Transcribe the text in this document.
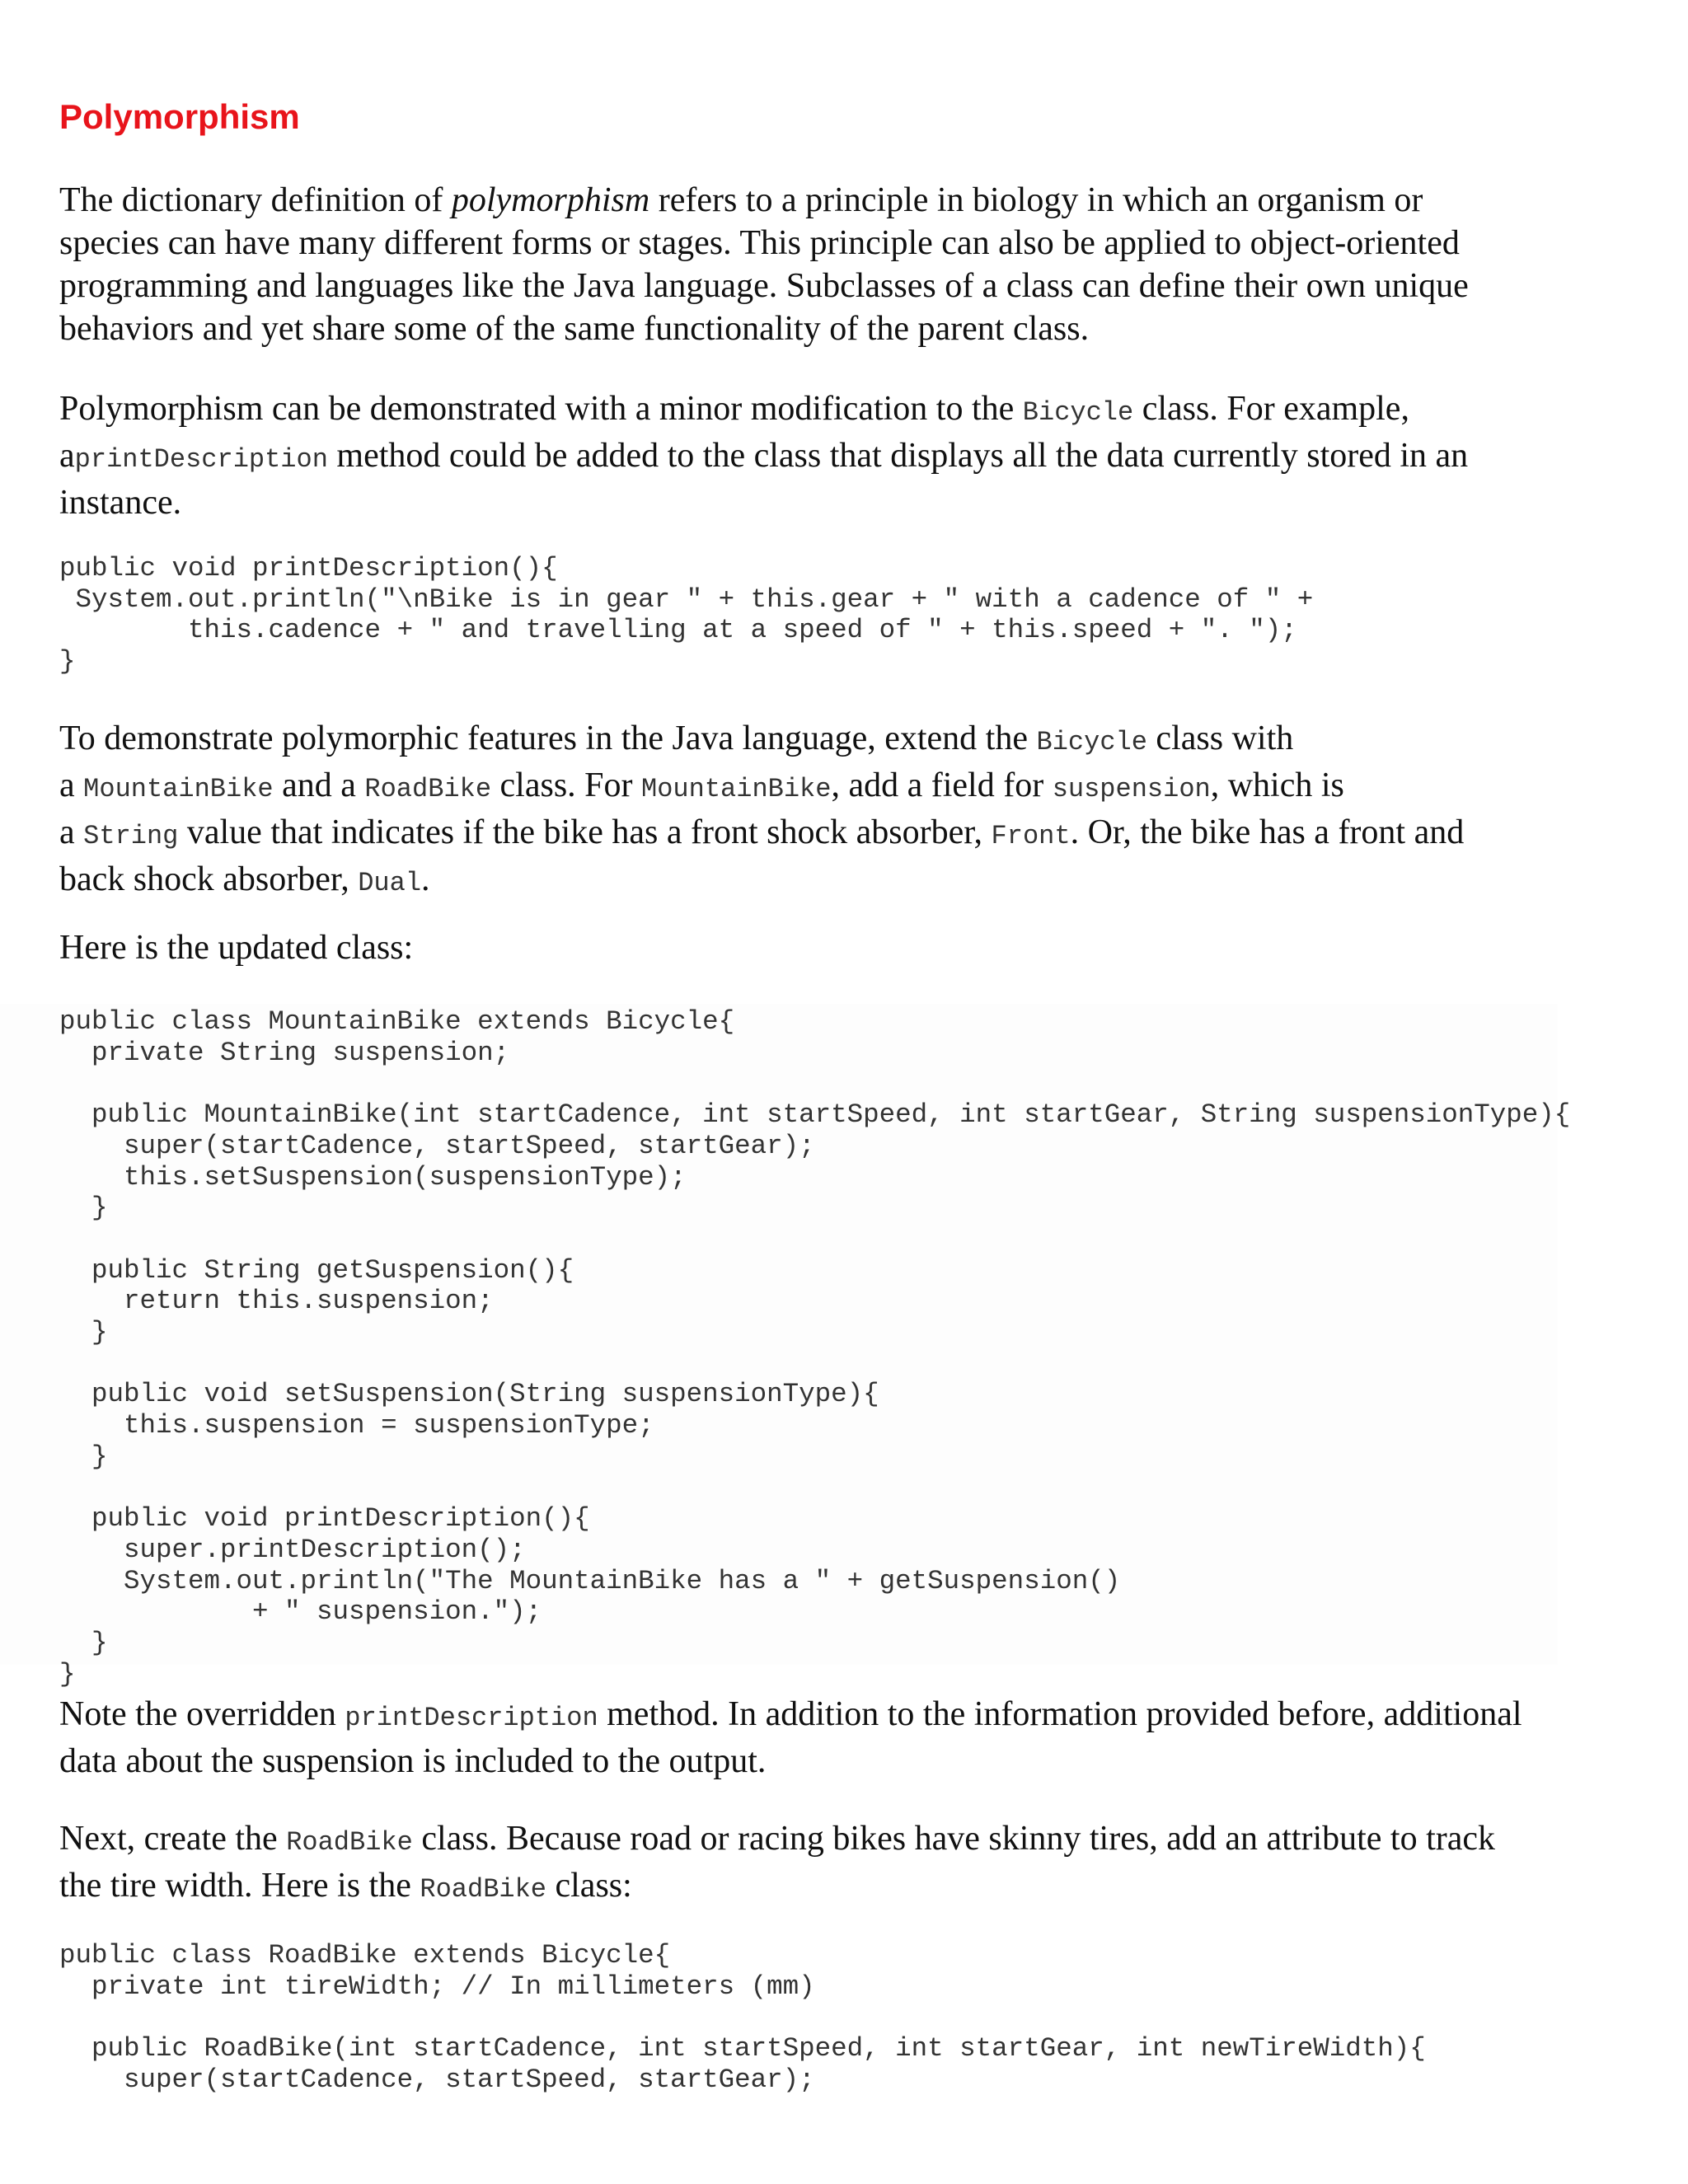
Polymorphism

The dictionary definition of polymorphism refers to a principle in biology in which an organism or
species can have many different forms or stages. This principle can also be applied to object-oriented
programming and languages like the Java language. Subclasses of a class can define their own unique
behaviors and yet share some of the same functionality of the parent class.

Polymorphism can be demonstrated with a minor modification to the Bicycle class. For example,
aprintDescription method could be added to the class that displays all the data currently stored in an
instance.

public void printDescription(){
System.out.println("\nBike is in gear " + this.gear + " with a cadence of " +
this.cadence + " and travelling at a speed of " + this.speed + ". ");
}

To demonstrate polymorphic features in the Java language, extend the Bicycle class with
a MountainBike and a RoadBike class. For MountainBike, add a field for suspension, which is
a String value that indicates if the bike has a front shock absorber, Front. Or, the bike has a front and
back shock absorber, Dual.

Here is the updated class:

public class MountainBike extends Bicycle{
private String suspension;
public MountainBike(int startCadence, int startSpeed, int startGear, String suspensionType){
super(startCadence, startSpeed, startGear);
this.setSuspension(suspensionType);
}
public String getSuspension(){
return this.suspension;
}
public void setSuspension(String suspensionType){
this.suspension = suspensionType;
}
public void printDescription(){
super.printDescription();
System.out.println("The MountainBike has a " + getSuspension()
+ " suspension.");
}
}

Note the overridden printDescription method. In addition to the information provided before, additional
data about the suspension is included to the output.

Next, create the RoadBike class. Because road or racing bikes have skinny tires, add an attribute to track
the tire width. Here is the RoadBike class:

public class RoadBike extends Bicycle{
private int tireWidth; // In millimeters (mm)
public RoadBike(int startCadence, int startSpeed, int startGear, int newTireWidth){
super(startCadence, startSpeed, startGear);
